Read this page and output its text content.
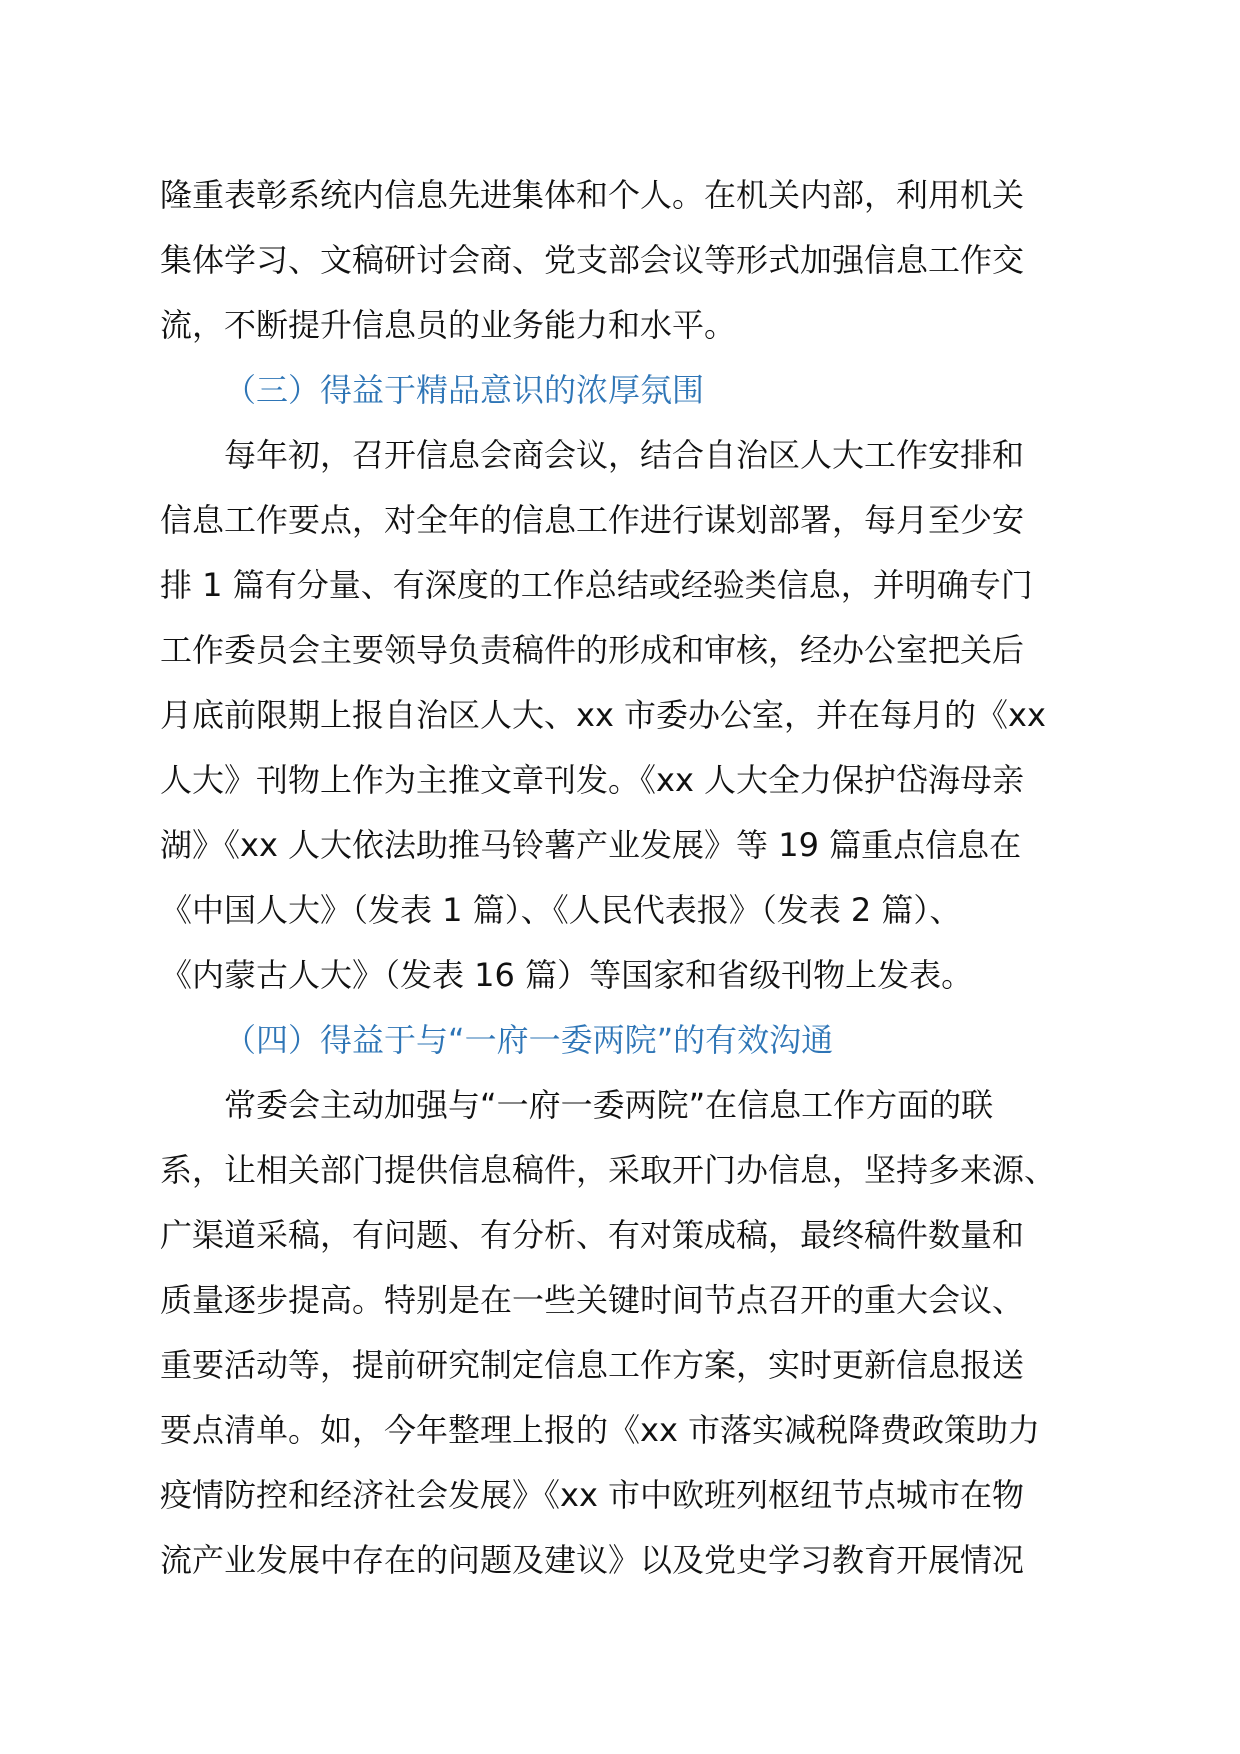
隆重表彰系统内信息先进集体和个人。在机关内部，利用机关
集体学习、文稿研讨会商、党支部会议等形式加强信息工作交
流，不断提升信息员的业务能力和水平。
（三）得益于精品意识的浓厚氛围
每年初，召开信息会商会议，结合自治区人大工作安排和
信息工作要点，对全年的信息工作进行谋划部署，每月至少安
排 1 篇有分量、有深度的工作总结或经验类信息，并明确专门
工作委员会主要领导负责稿件的形成和审核，经办公室把关后
月底前限期上报自治区人大、xx 市委办公室，并在每月的《xx
人大》刊物上作为主推文章刊发。《xx 人大全力保护岱海母亲
湖》《xx 人大依法助推马铃薯产业发展》等 19 篇重点信息在
《中国人大》（发表 1 篇）、《人民代表报》（发表 2 篇）、
《内蒙古人大》（发表 16 篇）等国家和省级刊物上发表。
（四）得益于与“一府一委两院”的有效沟通
常委会主动加强与“一府一委两院”在信息工作方面的联
系，让相关部门提供信息稿件，采取开门办信息，坚持多来源、
广渠道采稿，有问题、有分析、有对策成稿，最终稿件数量和
质量逐步提高。特别是在一些关键时间节点召开的重大会议、
重要活动等，提前研究制定信息工作方案，实时更新信息报送
要点清单。如，今年整理上报的《xx 市落实减税降费政策助力
疫情防控和经济社会发展》《xx 市中欧班列枢纽节点城市在物
流产业发展中存在的问题及建议》以及党史学习教育开展情况
